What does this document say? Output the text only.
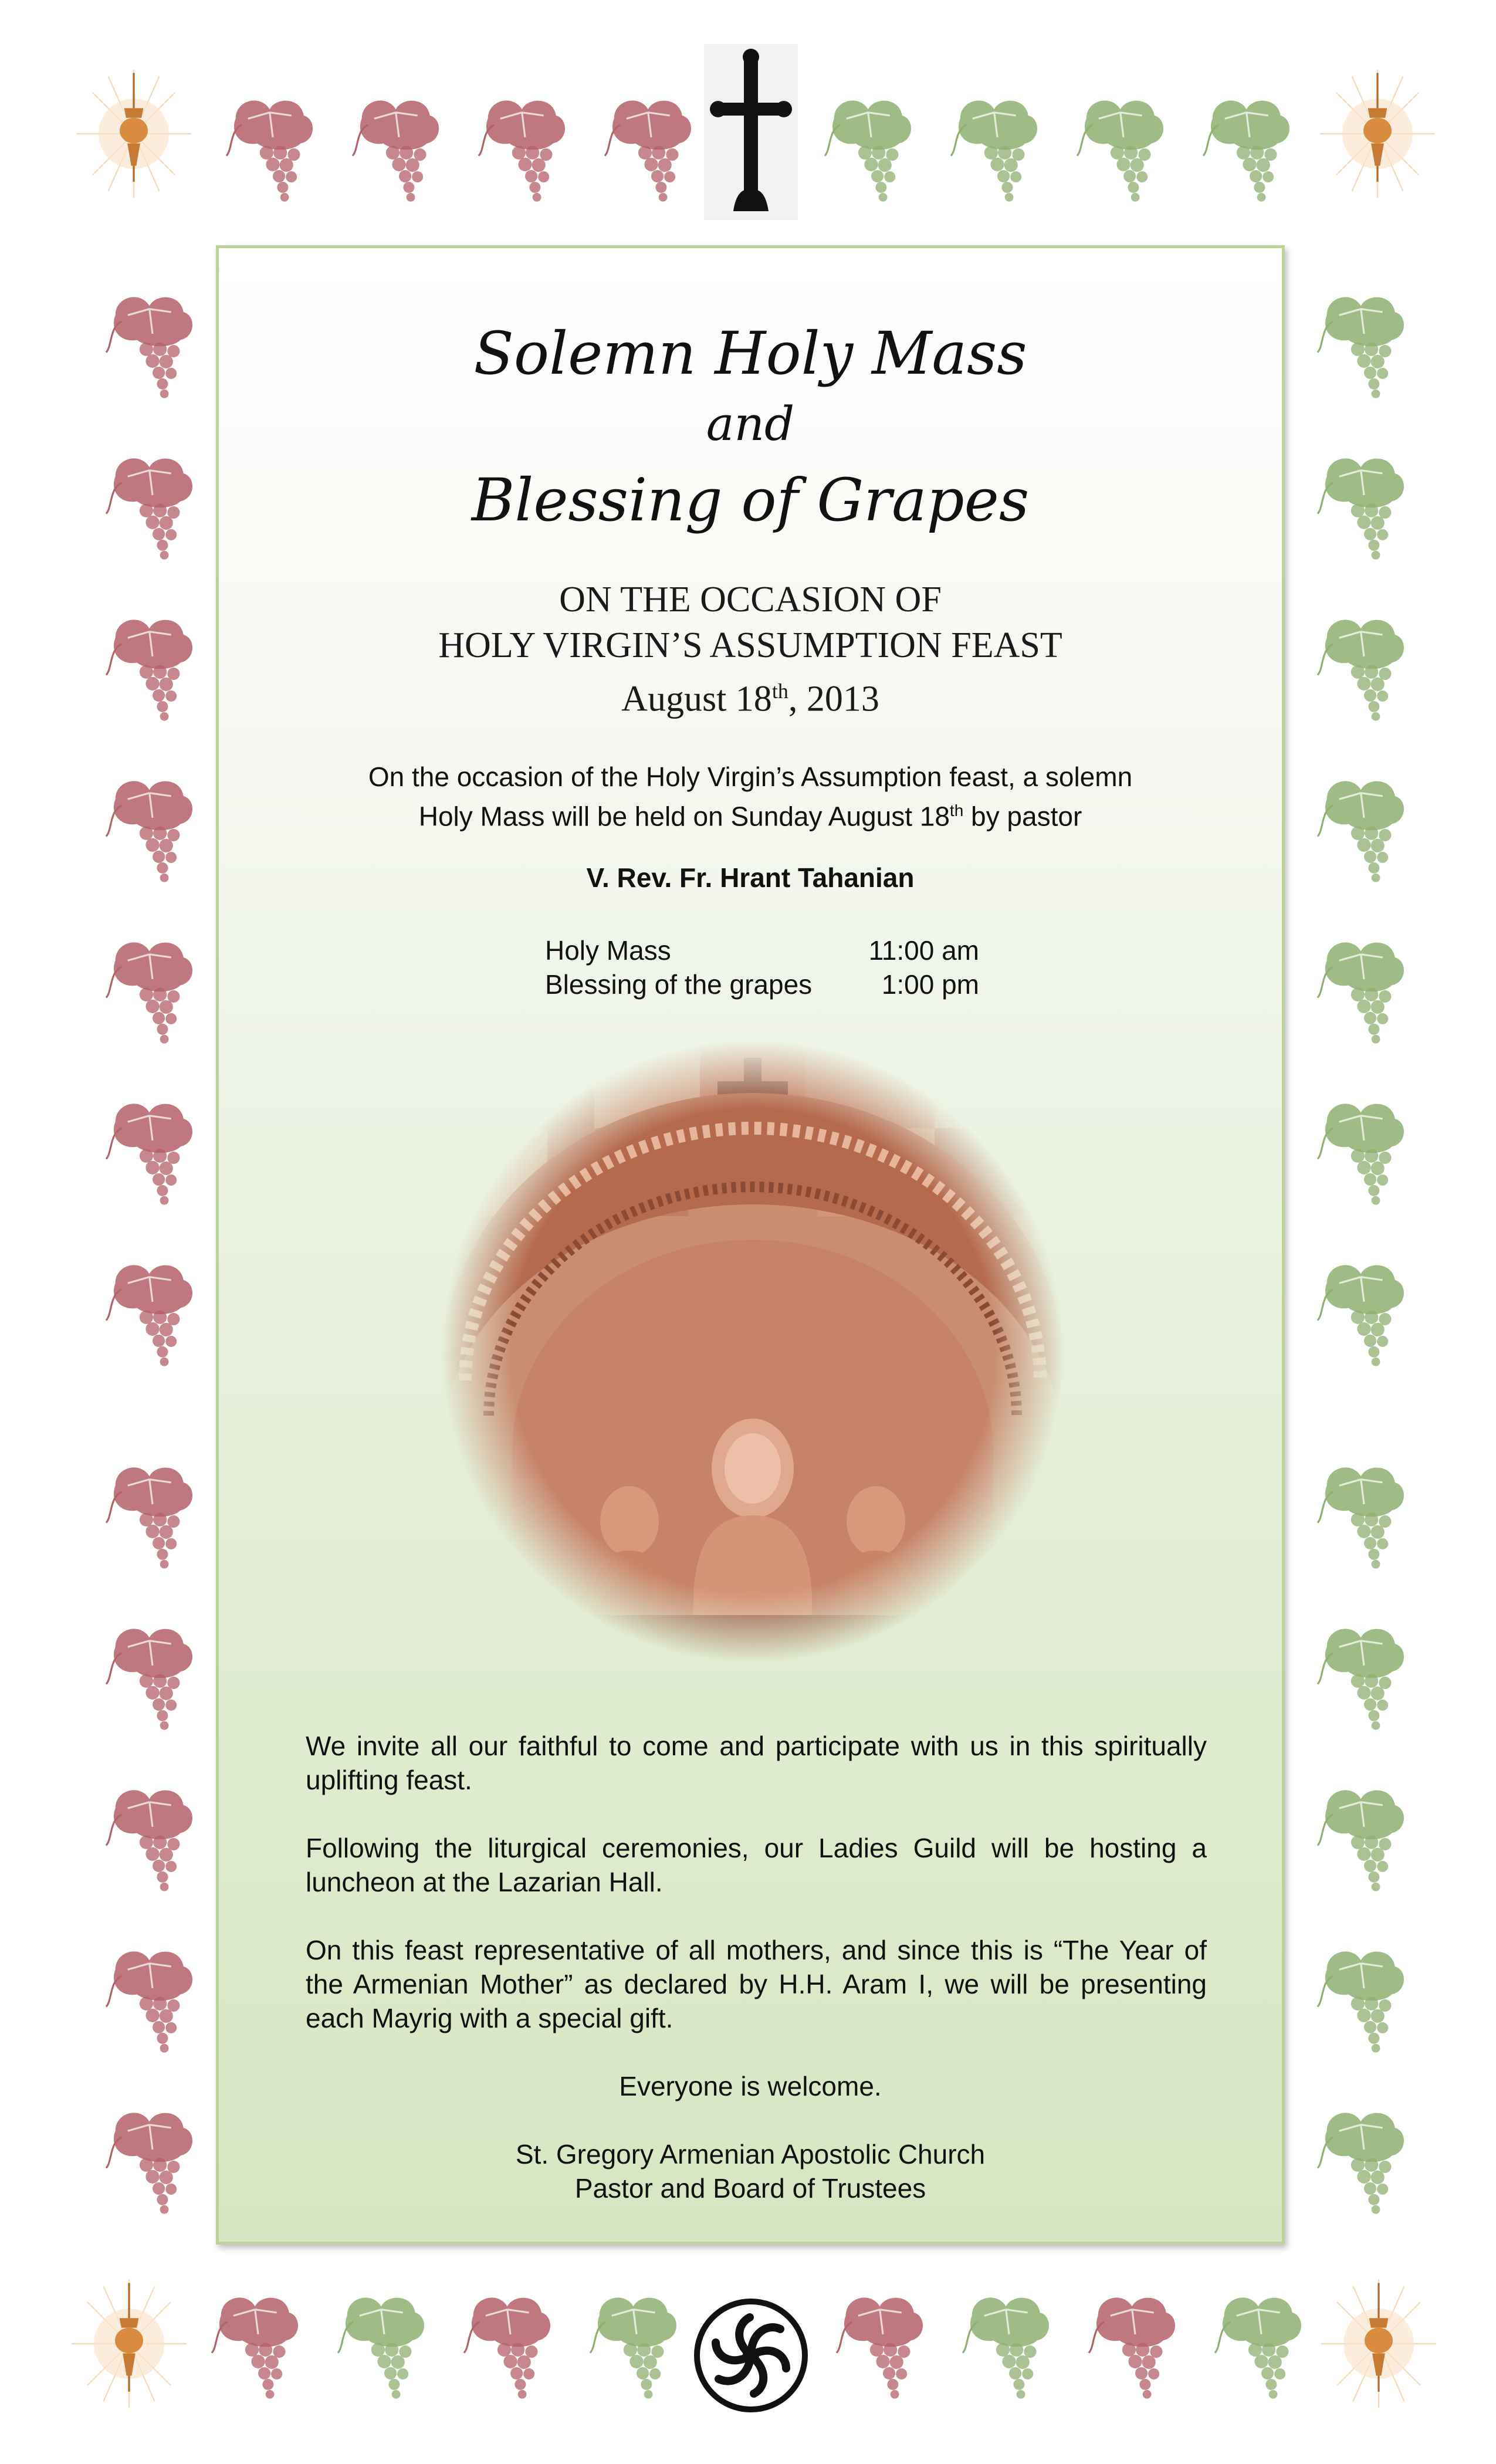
Solemn Holy Mass
and
Blessing of Grapes
ON THE OCCASION OF
HOLY VIRGIN’S ASSUMPTION FEAST
August 18th, 2013
On the occasion of the Holy Virgin’s Assumption feast, a solemn
Holy Mass will be held on Sunday August 18th by pastor
V. Rev. Fr. Hrant Tahanian
Holy Mass	11:00 am
Blessing of the grapes	1:00 pm
We invite all our faithful to come and participate with us in this spiritually uplifting feast.
Following the liturgical ceremonies, our Ladies Guild will be hosting a luncheon at the Lazarian Hall.
On this feast representative of all mothers, and since this is “The Year of the Armenian Mother” as declared by H.H. Aram I, we will be presenting each Mayrig with a special gift.
Everyone is welcome.
St. Gregory Armenian Apostolic Church
Pastor and Board of Trustees
